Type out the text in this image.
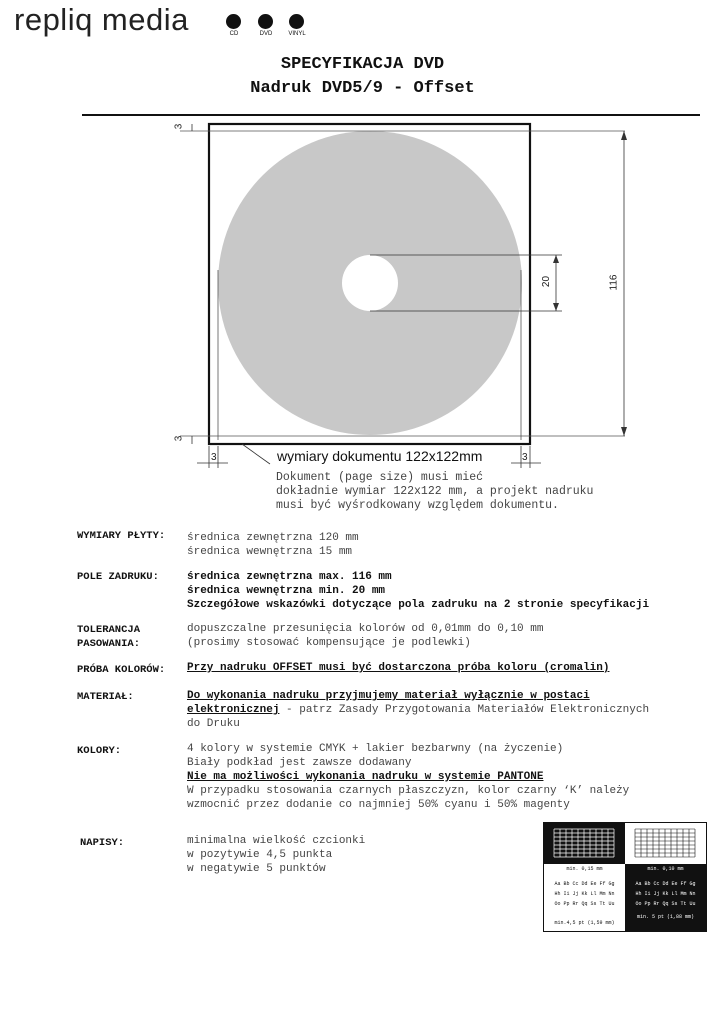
repliq media	CD	DVD	VINYL
SPECYFIKACJA DVD
Nadruk DVD5/9 - Offset
3
3
3	3
20	116
wymiary dokumentu 122x122mm
Dokument (page size) musi mieć
dokładnie wymiar 122x122 mm, a projekt nadruku
musi być wyśrodkowany względem dokumentu.
WYMIARY PŁYTY: średnica zewnętrzna 120 mm
średnica wewnętrzna 15 mm
POLE ZADRUKU:	średnica zewnętrzna max. 116 mm
średnica wewnętrzna min. 20 mm
Szczegółowe wskazówki dotyczące pola zadruku na 2 stronie specyfikacji
TOLERANCJA
PASOWANIA:
dopuszczalne przesunięcia kolorów od 0,01mm do 0,10 mm
(prosimy stosować kompensujące je podlewki)
PRÓBA KOLORÓW: Przy nadruku OFFSET musi być dostarczona próba koloru (cromalin)
MATERIAŁ:	Do wykonania nadruku przyjmujemy materiał wyłącznie w postaci
elektronicznej - patrz Zasady Przygotowania Materiałów Elektronicznych
do Druku
KOLORY:	4 kolory w systemie CMYK + lakier bezbarwny (na życzenie)
Biały podkład jest zawsze dodawany
Nie ma możliwości wykonania nadruku w systemie PANTONE
W przypadku stosowania czarnych płaszczyzn, kolor czarny ‘K’ należy
wzmocnić przez dodanie co najmniej 50% cyanu i 50% magenty
NAPISY:	minimalna wielkość czcionki
w pozytywie 4,5 punkta
w negatywie 5 punktów	min. 0,15 mm	min. 0,10 mm
Aa Bb Cc Dd Ee Ff Gg
Hh Ii Jj Kk Ll Mm Nn
Oo Pp Rr Qq Ss Tt Uu
min.4,5 pt (1,59 mm)
Aa Bb Cc Dd Ee Ff Gg
Hh Ii Jj Kk Ll Mm Nn
Oo Pp Rr Qq Ss Tt Uu
min. 5 pt (1,88 mm)
